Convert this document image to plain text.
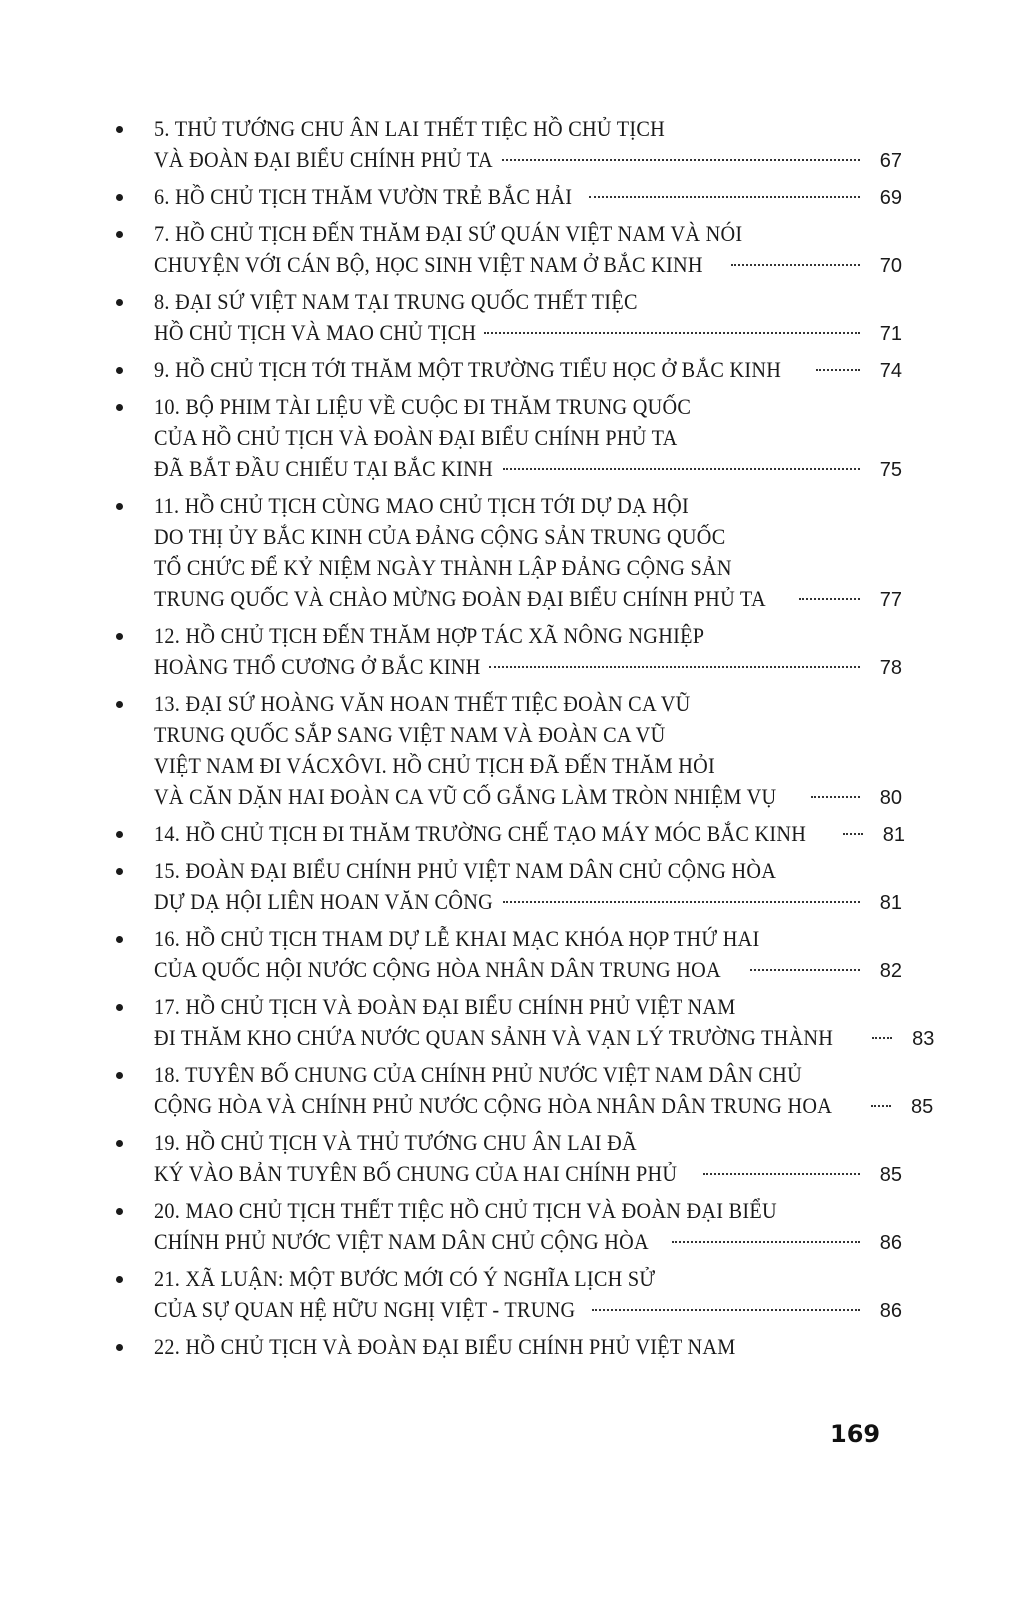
5. THỦ TƯỚNG CHU ÂN LAI THẾT TIỆC HỒ CHỦ TỊCH
VÀ ĐOÀN ĐẠI BIỂU CHÍNH PHỦ TA	67
6. HỒ CHỦ TỊCH THĂM VƯỜN TRẺ BẮC HẢI	69
7. HỒ CHỦ TỊCH ĐẾN THĂM ĐẠI SỨ QUÁN VIỆT NAM VÀ NÓI
CHUYỆN VỚI CÁN BỘ, HỌC SINH VIỆT NAM Ở BẮC KINH	70
8. ĐẠI SỨ VIỆT NAM TẠI TRUNG QUỐC THẾT TIỆC
HỒ CHỦ TỊCH VÀ MAO CHỦ TỊCH	71
9. HỒ CHỦ TỊCH TỚI THĂM MỘT TRƯỜNG TIỂU HỌC Ở BẮC KINH	74
10. BỘ PHIM TÀI LIỆU VỀ CUỘC ĐI THĂM TRUNG QUỐC
CỦA HỒ CHỦ TỊCH VÀ ĐOÀN ĐẠI BIỂU CHÍNH PHỦ TA
ĐÃ BẮT ĐẦU CHIẾU TẠI BẮC KINH	75
11. HỒ CHỦ TỊCH CÙNG MAO CHỦ TỊCH TỚI DỰ DẠ HỘI
DO THỊ ỦY BẮC KINH CỦA ĐẢNG CỘNG SẢN TRUNG QUỐC
TỔ CHỨC ĐỂ KỶ NIỆM NGÀY THÀNH LẬP ĐẢNG CỘNG SẢN
TRUNG QUỐC VÀ CHÀO MỪNG ĐOÀN ĐẠI BIỂU CHÍNH PHỦ TA	77
12. HỒ CHỦ TỊCH ĐẾN THĂM HỢP TÁC XÃ NÔNG NGHIỆP
HOÀNG THỔ CƯƠNG Ở BẮC KINH	78
13. ĐẠI SỨ HOÀNG VĂN HOAN THẾT TIỆC ĐOÀN CA VŨ
TRUNG QUỐC SẮP SANG VIỆT NAM VÀ ĐOÀN CA VŨ
VIỆT NAM ĐI VÁCXÔVI. HỒ CHỦ TỊCH ĐÃ ĐẾN THĂM HỎI
VÀ CĂN DẶN HAI ĐOÀN CA VŨ CỐ GẮNG LÀM TRÒN NHIỆM VỤ	80
14. HỒ CHỦ TỊCH ĐI THĂM TRƯỜNG CHẾ TẠO MÁY MÓC BẮC KINH	81
15. ĐOÀN ĐẠI BIỂU CHÍNH PHỦ VIỆT NAM DÂN CHỦ CỘNG HÒA
DỰ DẠ HỘI LIÊN HOAN VĂN CÔNG	81
16. HỒ CHỦ TỊCH THAM DỰ LỄ KHAI MẠC KHÓA HỌP THỨ HAI
CỦA QUỐC HỘI NƯỚC CỘNG HÒA NHÂN DÂN TRUNG HOA	82
17. HỒ CHỦ TỊCH VÀ ĐOÀN ĐẠI BIỂU CHÍNH PHỦ VIỆT NAM
ĐI THĂM KHO CHỨA NƯỚC QUAN SẢNH VÀ VẠN LÝ TRƯỜNG THÀNH	83
18. TUYÊN BỐ CHUNG CỦA CHÍNH PHỦ NƯỚC VIỆT NAM DÂN CHỦ
CỘNG HÒA VÀ CHÍNH PHỦ NƯỚC CỘNG HÒA NHÂN DÂN TRUNG HOA	85
19. HỒ CHỦ TỊCH VÀ THỦ TƯỚNG CHU ÂN LAI ĐÃ
KÝ VÀO BẢN TUYÊN BỐ CHUNG CỦA HAI CHÍNH PHỦ	85
20. MAO CHỦ TỊCH THẾT TIỆC HỒ CHỦ TỊCH VÀ ĐOÀN ĐẠI BIỂU
CHÍNH PHỦ NƯỚC VIỆT NAM DÂN CHỦ CỘNG HÒA	86
21. XÃ LUẬN: MỘT BƯỚC MỚI CÓ Ý NGHĨA LỊCH SỬ
CỦA SỰ QUAN HỆ HỮU NGHỊ VIỆT - TRUNG	86
22. HỒ CHỦ TỊCH VÀ ĐOÀN ĐẠI BIỂU CHÍNH PHỦ VIỆT NAM
169
